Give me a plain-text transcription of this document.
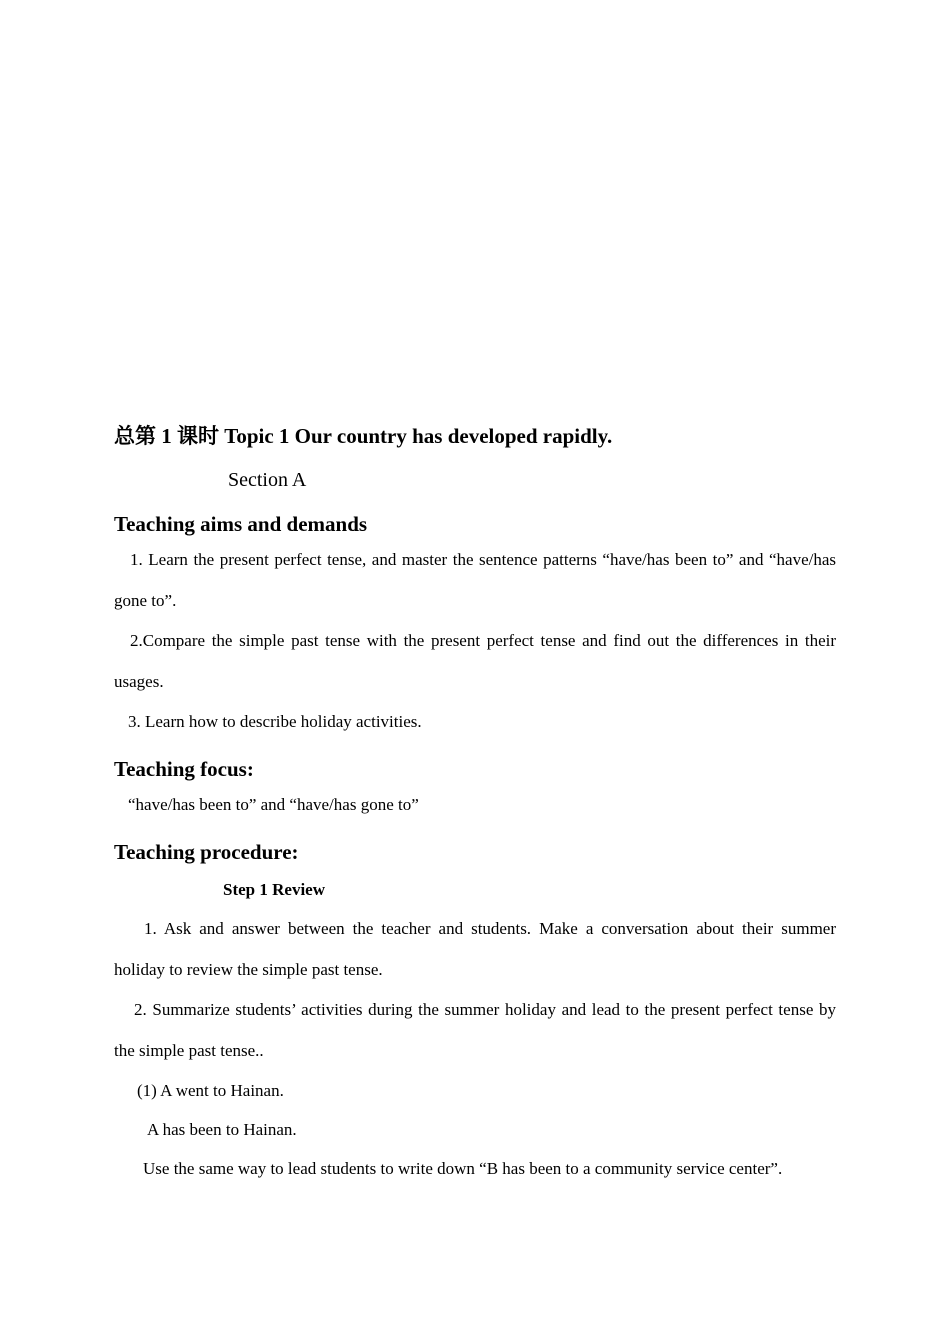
总第 1 课时 Topic 1 Our country has developed rapidly.

Section A

Teaching aims and demands

1. Learn the present perfect tense, and master the sentence patterns “have/has been to” and “have/has gone to”.

2.Compare the simple past tense with the present perfect tense and find out the differences in their usages.

3. Learn how to describe holiday activities.

Teaching focus:

“have/has been to” and “have/has gone to”

Teaching procedure:

Step 1 Review

1. Ask and answer between the teacher and students. Make a conversation about their summer holiday to review the simple past tense.

2. Summarize students’ activities during the summer holiday and lead to the present perfect tense by the simple past tense..

(1) A went to Hainan.

A has been to Hainan.

Use the same way to lead students to write down “B has been to a community service center”.
